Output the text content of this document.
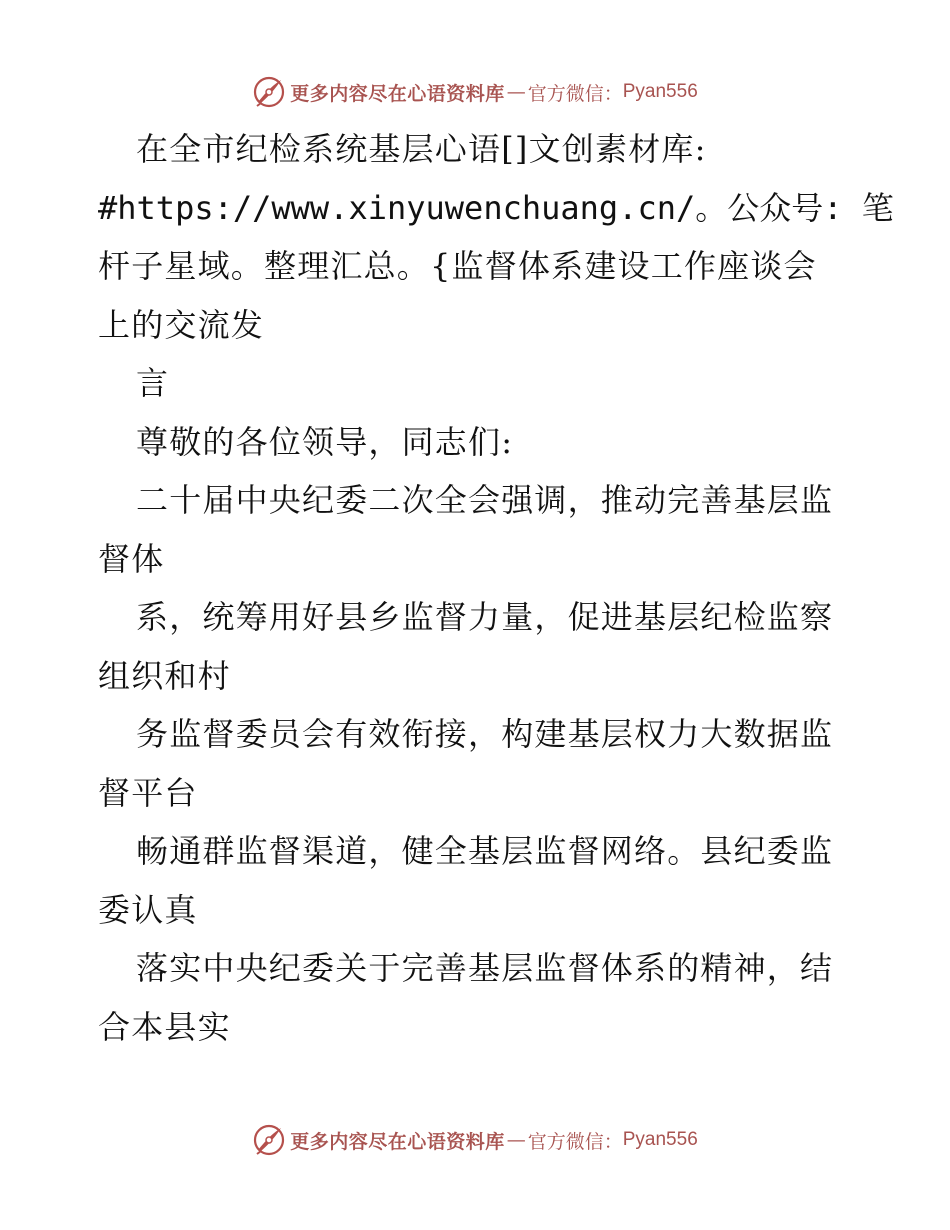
更多内容尽在心语资料库 — 官方微信： Pyan556
在全市纪检系统基层心语[]文创素材库:
#https://www.xinyuwenchuang.cn/。公众号: 笔
杆子星域。整理汇总。{监督体系建设工作座谈会
上的交流发
言
尊敬的各位领导，同志们:
二十届中央纪委二次全会强调，推动完善基层监
督体
系，统筹用好县乡监督力量，促进基层纪检监察
组织和村
务监督委员会有效衔接，构建基层权力大数据监
督平台
畅通群监督渠道，健全基层监督网络。县纪委监
委认真
落实中央纪委关于完善基层监督体系的精神，结
合本县实
更多内容尽在心语资料库 — 官方微信： Pyan556
